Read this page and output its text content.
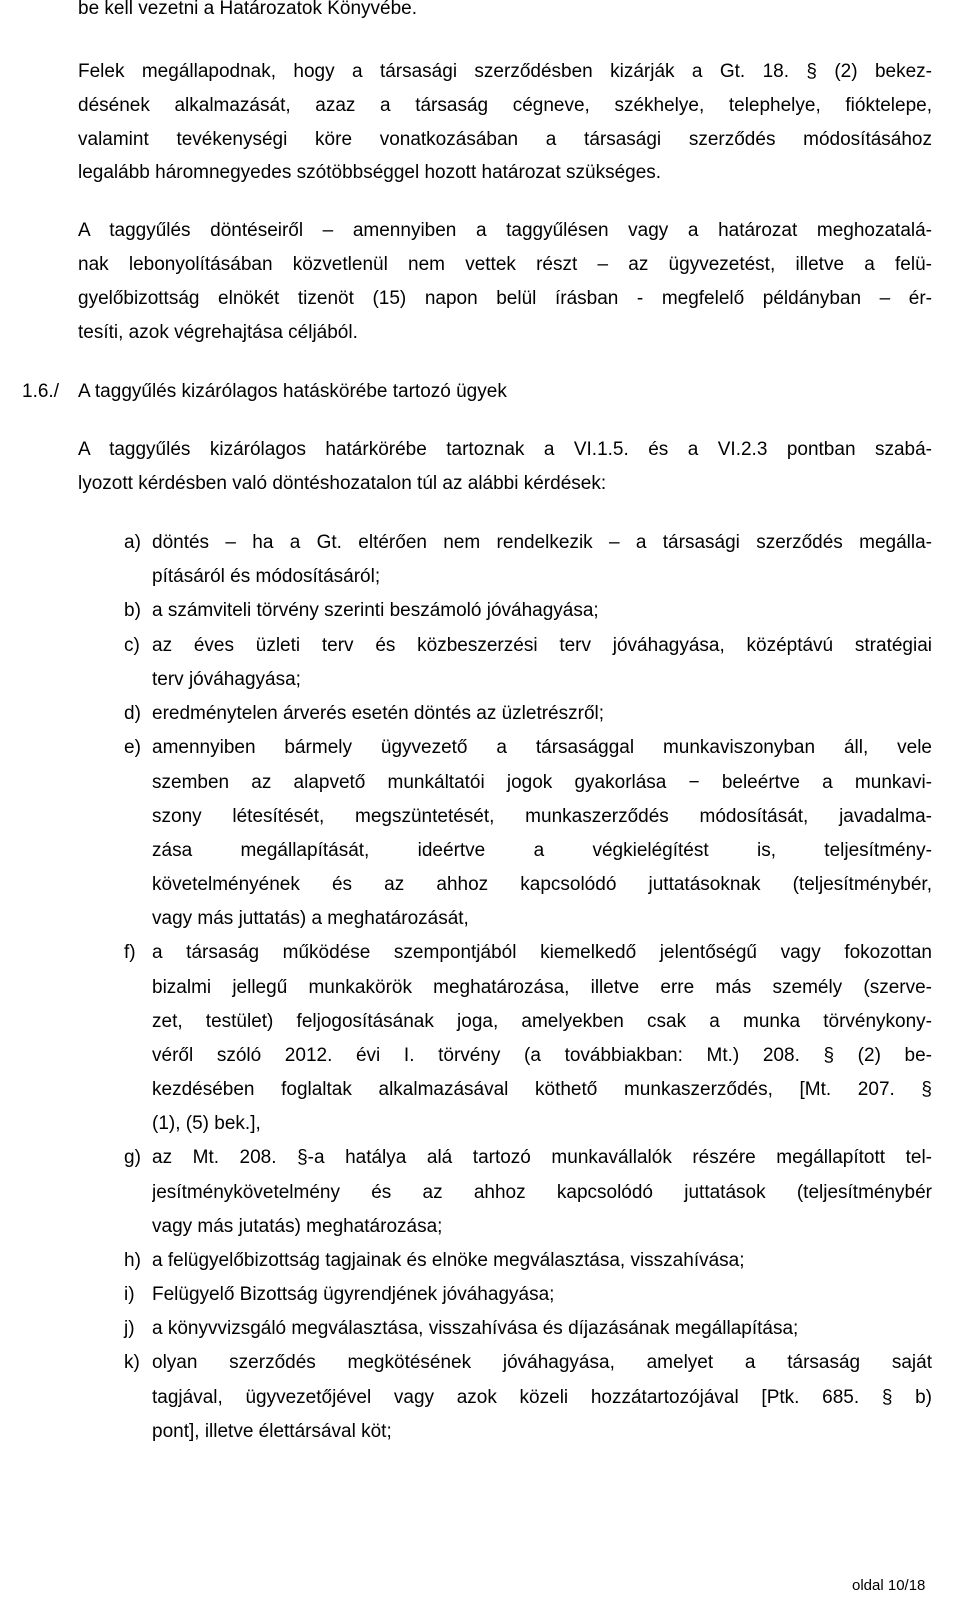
be kell vezetni a Határozatok Könyvébe.
Felek megállapodnak, hogy a társasági szerződésben kizárják a Gt. 18. § (2) bekez-
désének alkalmazását, azaz a társaság cégneve, székhelye, telephelye, fióktelepe,
valamint tevékenységi köre vonatkozásában a társasági szerződés módosításához
legalább háromnegyedes szótöbbséggel hozott határozat szükséges.
A taggyűlés döntéseiről – amennyiben a taggyűlésen vagy a határozat meghozatalá-
nak lebonyolításában közvetlenül nem vettek részt – az ügyvezetést, illetve a felü-
gyelőbizottság elnökét tizenöt (15) napon belül írásban - megfelelő példányban – ér-
tesíti, azok végrehajtása céljából.
1.6./ A taggyűlés kizárólagos hatáskörébe tartozó ügyek
A taggyűlés kizárólagos határkörébe tartoznak a VI.1.5. és a VI.2.3 pontban szabá-
lyozott kérdésben való döntéshozatalon túl az alábbi kérdések:
a) döntés – ha a Gt. eltérően nem rendelkezik – a társasági szerződés megálla-
pításáról és módosításáról;
b) a számviteli törvény szerinti beszámoló jóváhagyása;
c) az éves üzleti terv és közbeszerzési terv jóváhagyása, középtávú stratégiai
terv jóváhagyása;
d) eredménytelen árverés esetén döntés az üzletrészről;
e) amennyiben bármely ügyvezető a társasággal munkaviszonyban áll, vele
szemben az alapvető munkáltatói jogok gyakorlása − beleértve a munkavi-
szony létesítését, megszüntetését, munkaszerződés módosítását, javadalma-
zása megállapítását, ideértve a végkielégítést is, teljesítmény-
követelményének és az ahhoz kapcsolódó juttatásoknak (teljesítménybér,
vagy más juttatás) a meghatározását,
f) a társaság működése szempontjából kiemelkedő jelentőségű vagy fokozottan
bizalmi jellegű munkakörök meghatározása, illetve erre más személy (szerve-
zet, testület) feljogosításának joga, amelyekben csak a munka törvénykony-
véről szóló 2012. évi I. törvény (a továbbiakban: Mt.) 208. § (2) be-
kezdésében foglaltak alkalmazásával köthető munkaszerződés, [Mt. 207. §
(1), (5) bek.],
g) az Mt. 208. §-a hatálya alá tartozó munkavállalók részére megállapított tel-
jesítménykövetelmény és az ahhoz kapcsolódó juttatások (teljesítménybér
vagy más jutatás) meghatározása;
h) a felügyelőbizottság tagjainak és elnöke megválasztása, visszahívása;
i) Felügyelő Bizottság ügyrendjének jóváhagyása;
j) a könyvvizsgáló megválasztása, visszahívása és díjazásának megállapítása;
k) olyan szerződés megkötésének jóváhagyása, amelyet a társaság saját
tagjával, ügyvezetőjével vagy azok közeli hozzátartozójával [Ptk. 685. § b)
pont], illetve élettársával köt;
oldal 10/18
